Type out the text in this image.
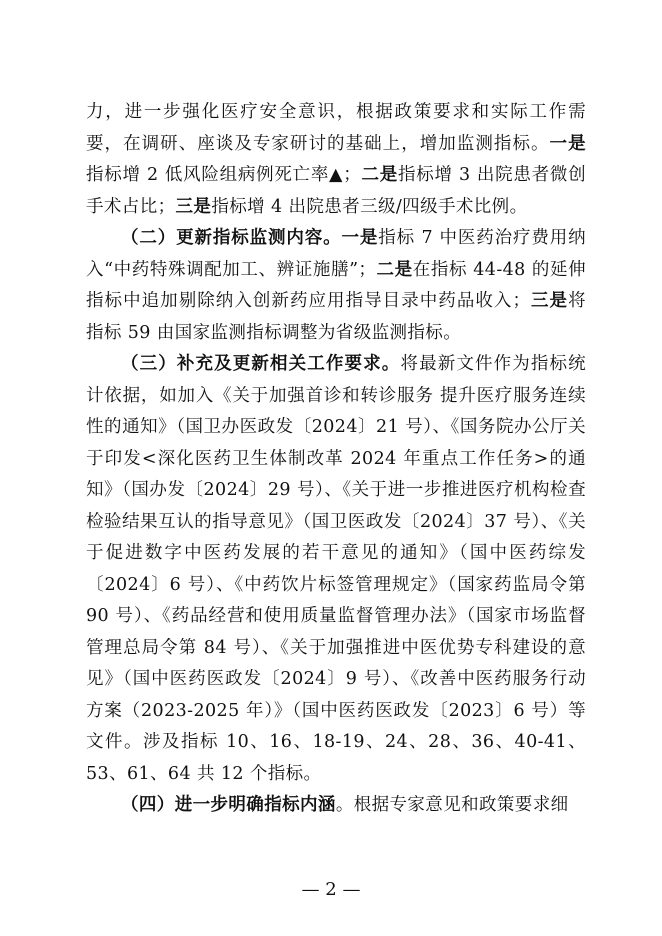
力，进一步强化医疗安全意识，根据政策要求和实际工作需要，在调研、座谈及专家研讨的基础上，增加监测指标。一是指标增 2 低风险组病例死亡率▲；二是指标增 3 出院患者微创手术占比；三是指标增 4 出院患者三级/四级手术比例。

（二）更新指标监测内容。一是指标 7 中医药治疗费用纳入“中药特殊调配加工、辨证施膳”；二是在指标 44-48 的延伸指标中追加剔除纳入创新药应用指导目录中药品收入；三是将指标 59 由国家监测指标调整为省级监测指标。

（三）补充及更新相关工作要求。将最新文件作为指标统计依据，如加入《关于加强首诊和转诊服务 提升医疗服务连续性的通知》（国卫办医政发〔2024〕21 号）、《国务院办公厅关于印发<深化医药卫生体制改革 2024 年重点工作任务>的通知》（国办发〔2024〕29 号）、《关于进一步推进医疗机构检查检验结果互认的指导意见》（国卫医政发〔2024〕37 号）、《关于促进数字中医药发展的若干意见的通知》（国中医药综发〔2024〕6 号）、《中药饮片标签管理规定》（国家药监局令第 90 号）、《药品经营和使用质量监督管理办法》（国家市场监督管理总局令第 84 号）、《关于加强推进中医优势专科建设的意见》（国中医药医政发〔2024〕9 号）、《改善中医药服务行动方案（2023-2025 年）》（国中医药医政发〔2023〕6 号）等文件。涉及指标 10、16、18-19、24、28、36、40-41、53、61、64 共 12 个指标。

（四）进一步明确指标内涵。根据专家意见和政策要求细

— 2 —
